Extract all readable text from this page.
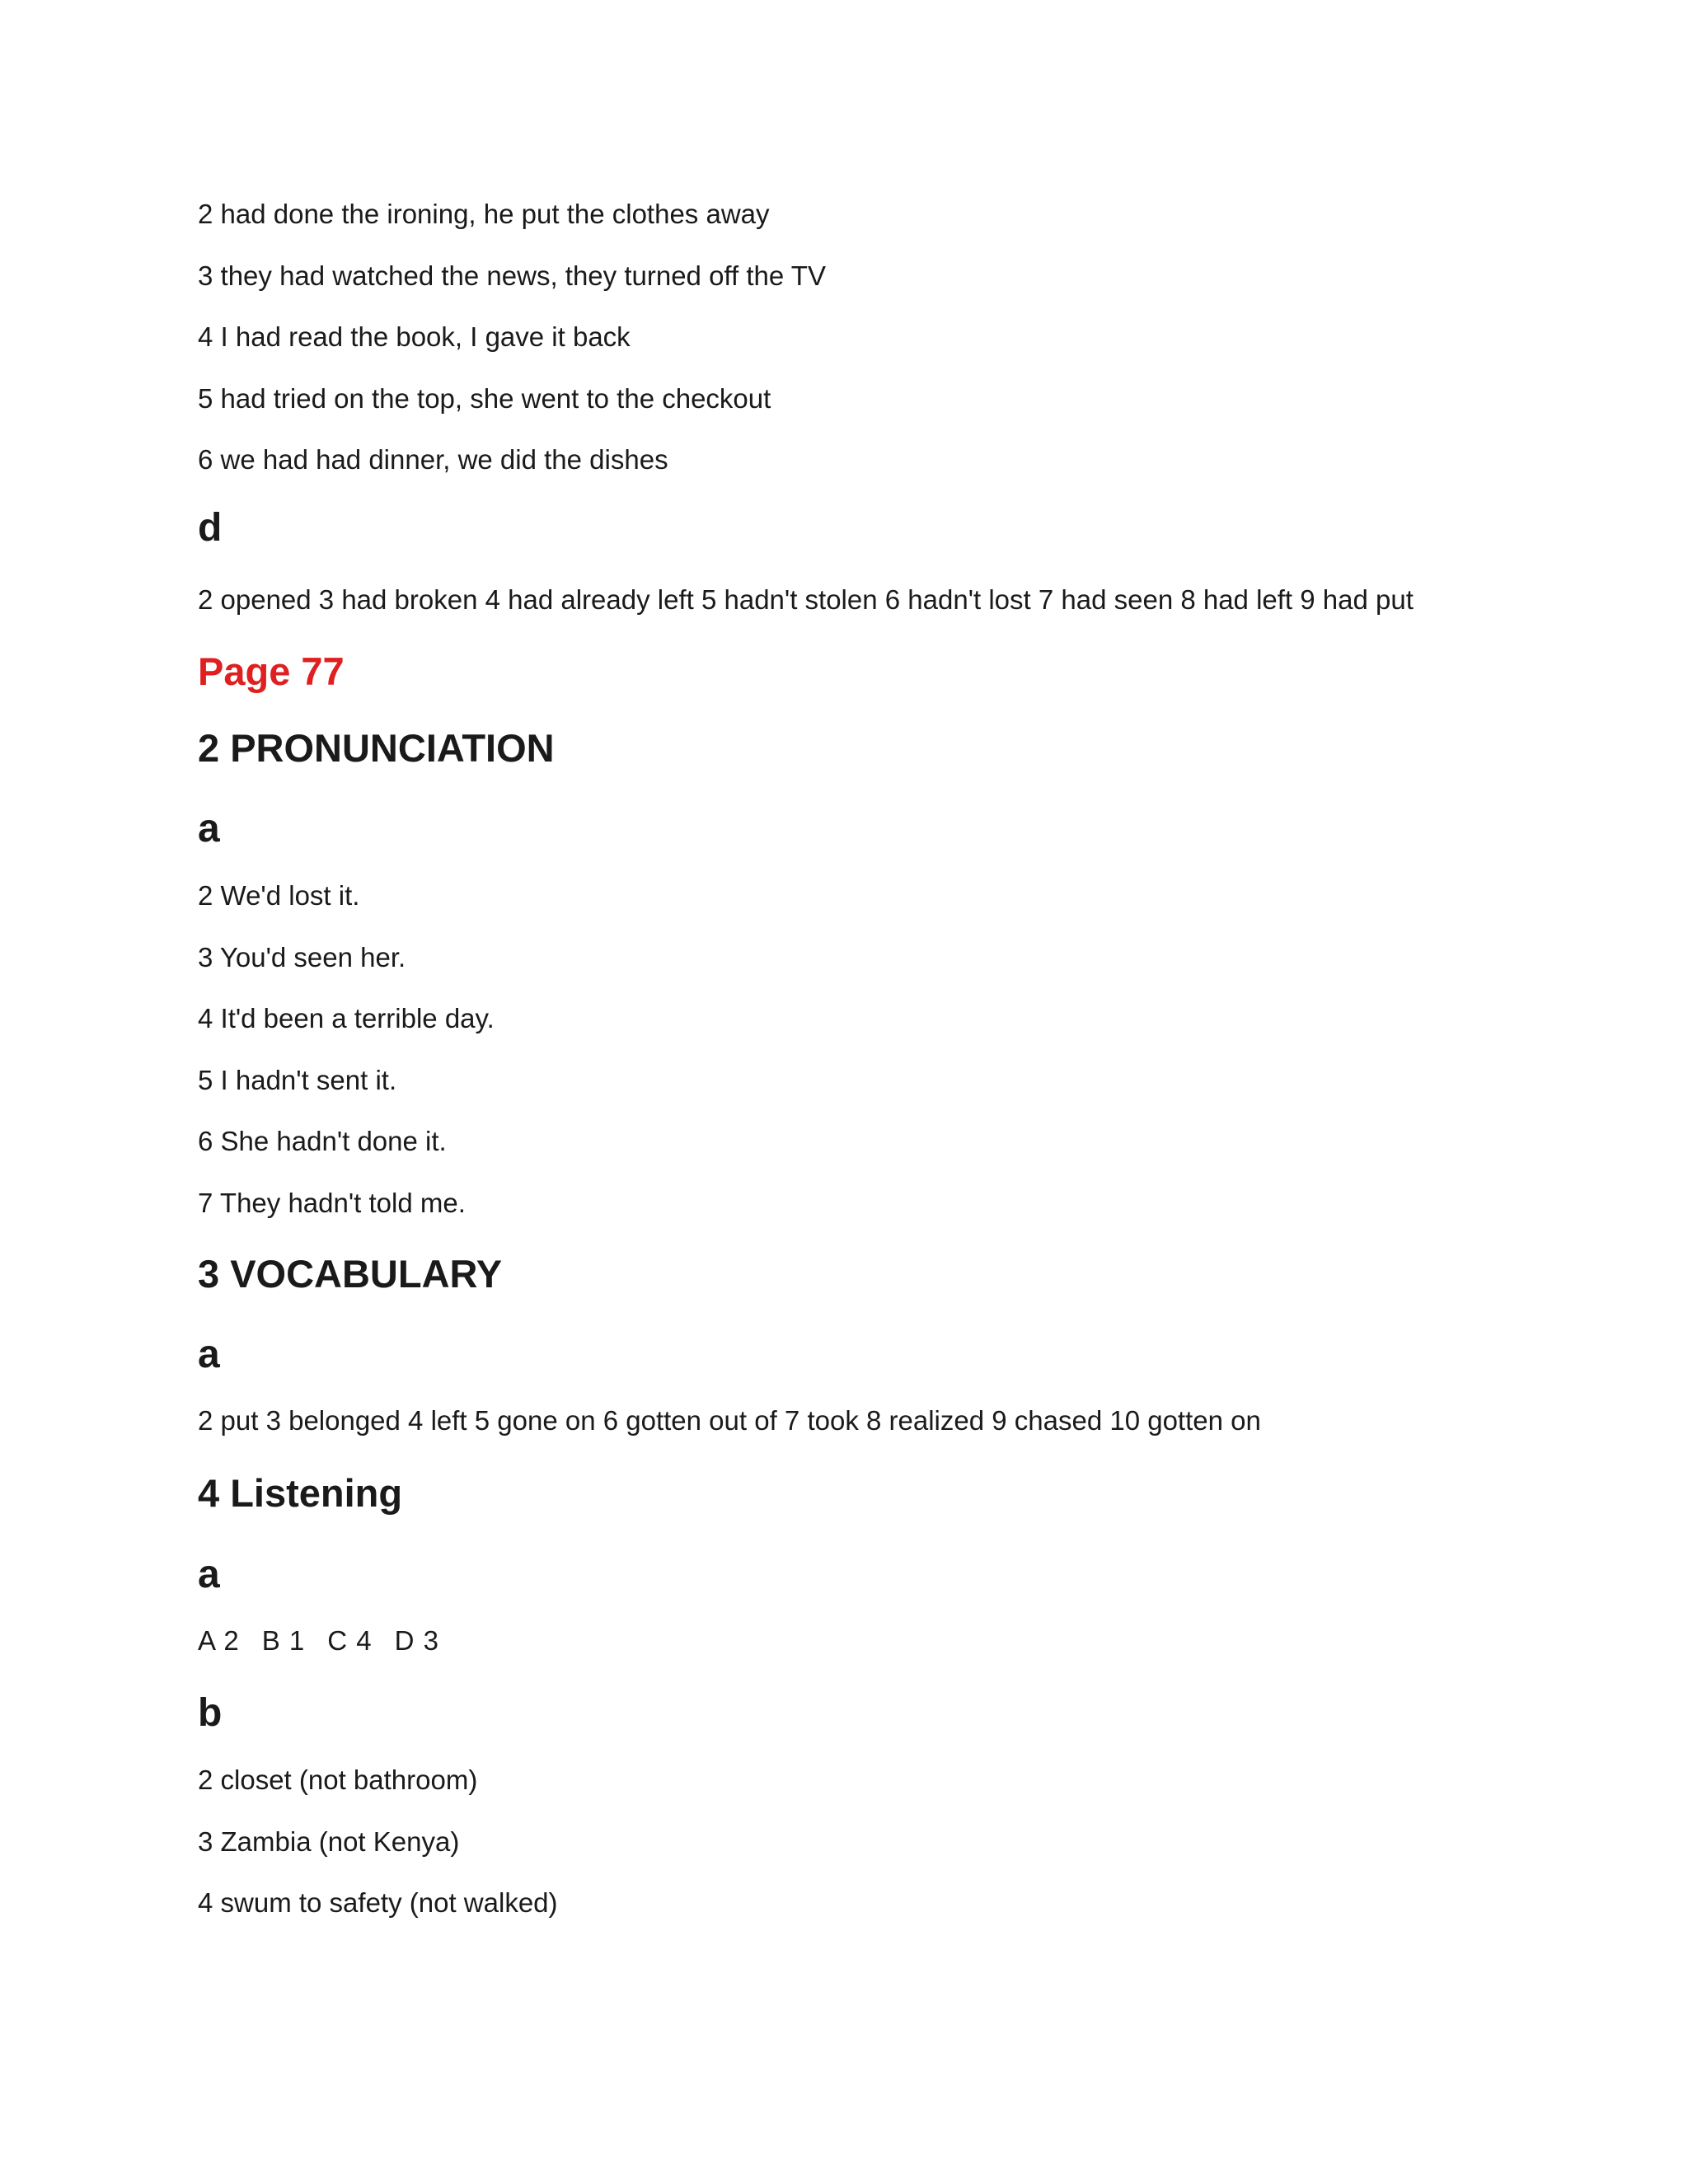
2 had done the ironing, he put the clothes away

3 they had watched the news, they turned off the TV

4 I had read the book, I gave it back

5 had tried on the top, she went to the checkout

6 we had had dinner, we did the dishes

d

2 opened 3 had broken 4 had already left 5 hadn't stolen 6 hadn't lost 7 had seen 8 had left 9 had put

Page 77

2 PRONUNCIATION

a

2 We'd lost it.

3 You'd seen her.

4 It'd been a terrible day.

5 I hadn't sent it.

6 She hadn't done it.

7 They hadn't told me.

3 VOCABULARY

a

2 put 3 belonged 4 left 5 gone on 6 gotten out of 7 took 8 realized 9 chased 10 gotten on

4 Listening

a

A 2 B 1 C 4 D 3

b

2 closet (not bathroom)

3 Zambia (not Kenya)

4 swum to safety (not walked)
